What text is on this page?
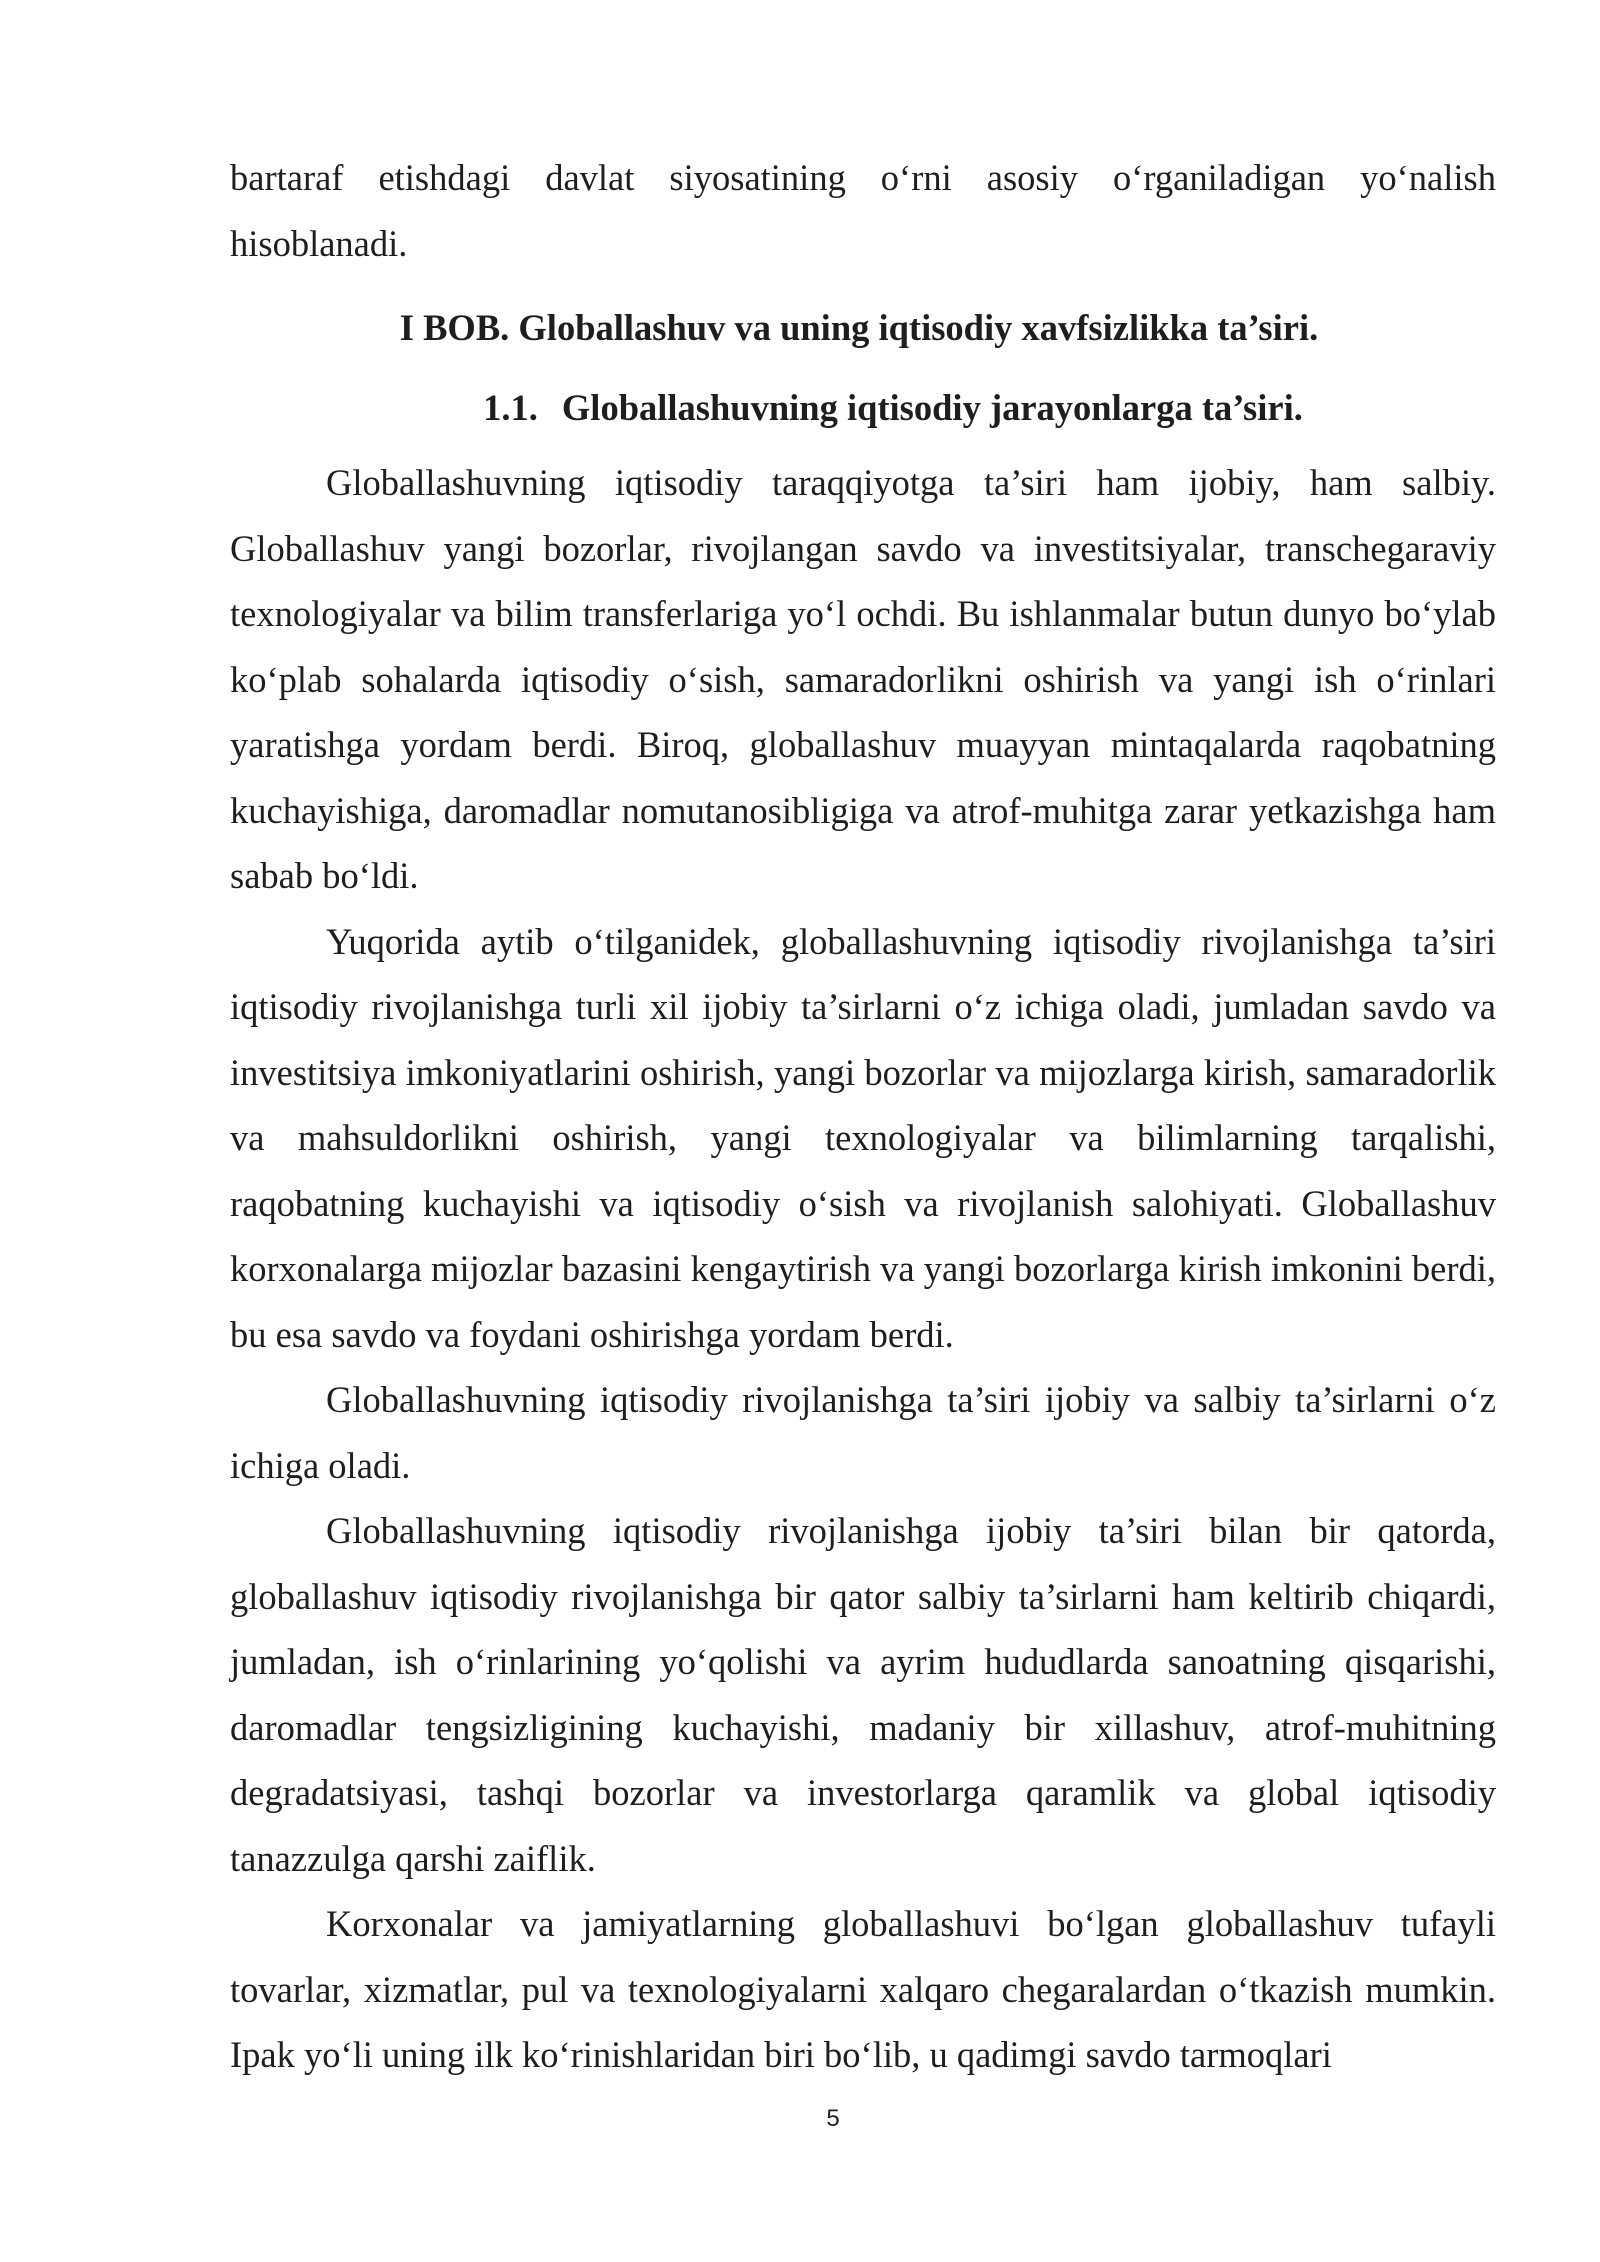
bartaraf etishdagi davlat siyosatining o‘rni asosiy o‘rganiladigan yo‘nalish hisoblanadi.

I BOB. Globallashuv va uning iqtisodiy xavfsizlikka ta’siri.
1.1. Globallashuvning iqtisodiy jarayonlarga ta’siri.

Globallashuvning iqtisodiy taraqqiyotga ta’siri ham ijobiy, ham salbiy. Globallashuv yangi bozorlar, rivojlangan savdo va investitsiyalar, transchegaraviy texnologiyalar va bilim transferlariga yo‘l ochdi. Bu ishlanmalar butun dunyo bo‘ylab ko‘plab sohalarda iqtisodiy o‘sish, samaradorlikni oshirish va yangi ish o‘rinlari yaratishga yordam berdi. Biroq, globallashuv muayyan mintaqalarda raqobatning kuchayishiga, daromadlar nomutanosibligiga va atrof-muhitga zarar yetkazishga ham sabab bo‘ldi.

Yuqorida aytib o‘tilganidek, globallashuvning iqtisodiy rivojlanishga ta’siri iqtisodiy rivojlanishga turli xil ijobiy ta’sirlarni o‘z ichiga oladi, jumladan savdo va investitsiya imkoniyatlarini oshirish, yangi bozorlar va mijozlarga kirish, samaradorlik va mahsuldorlikni oshirish, yangi texnologiyalar va bilimlarning tarqalishi, raqobatning kuchayishi va iqtisodiy o‘sish va rivojlanish salohiyati. Globallashuv korxonalarga mijozlar bazasini kengaytirish va yangi bozorlarga kirish imkonini berdi, bu esa savdo va foydani oshirishga yordam berdi.

Globallashuvning iqtisodiy rivojlanishga ta’siri ijobiy va salbiy ta’sirlarni o‘z ichiga oladi.

Globallashuvning iqtisodiy rivojlanishga ijobiy ta’siri bilan bir qatorda, globallashuv iqtisodiy rivojlanishga bir qator salbiy ta’sirlarni ham keltirib chiqardi, jumladan, ish o‘rinlarining yo‘qolishi va ayrim hududlarda sanoatning qisqarishi, daromadlar tengsizligining kuchayishi, madaniy bir xillashuv, atrof-muhitning degradatsiyasi, tashqi bozorlar va investorlarga qaramlik va global iqtisodiy tanazzulga qarshi zaiflik.

Korxonalar va jamiyatlarning globallashuvi bo‘lgan globallashuv tufayli tovarlar, xizmatlar, pul va texnologiyalarni xalqaro chegaralardan o‘tkazish mumkin. Ipak yo‘li uning ilk ko‘rinishlaridan biri bo‘lib, u qadimgi savdo tarmoqlari

5
